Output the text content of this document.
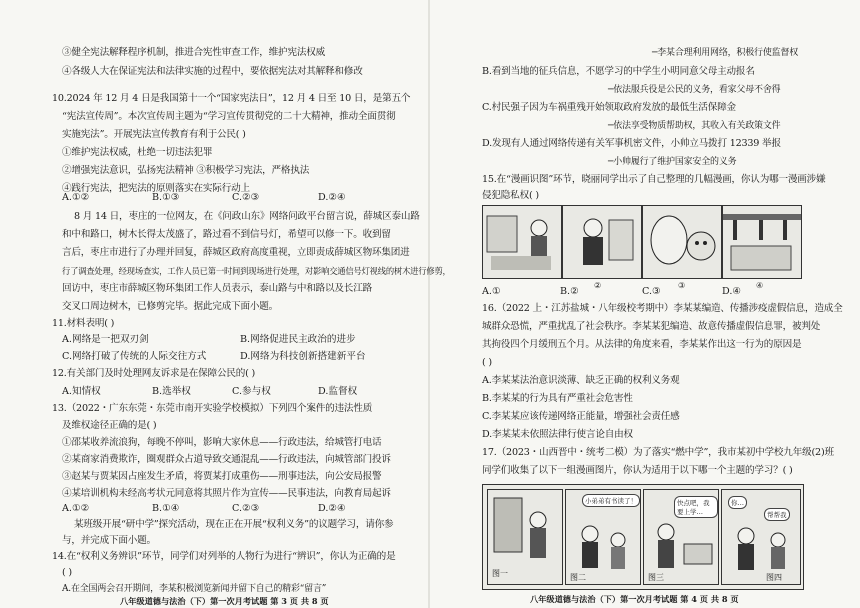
③健全宪法解释程序机制，推进合宪性审查工作，维护宪法权威
④各级人大在保证宪法和法律实施的过程中，要依据宪法对其解释和修改
10.2024 年 12 月 4 日是我国第十一个“国家宪法日”，12 月 4 日至 10 日，是第五个
“宪法宣传周”。本次宣传周主题为“学习宣传贯彻党的二十大精神，推动全面贯彻
实施宪法”。开展宪法宣传教育有利于公民( )
①维护宪法权威，杜绝一切违法犯罪
②增强宪法意识，弘扬宪法精神 ③积极学习宪法，严格执法
④践行宪法，把宪法的原则落实在实际行动上
A.①②	B.①③	C.②③	D.②④
8 月 14 日，枣庄的一位网友，在《问政山东》网络问政平台留言说，薛城区泰山路
和中和路口，树木长得太茂盛了，路过看不到信号灯，希望可以修一下。收到留
言后，枣庄市进行了办理并回复，薛城区政府高度重视，立即责成薛城区物环集团进
行了调查处理，经现场查实，工作人员已第一时间到现场进行处理，对影响交通信号灯视线的树木进行修剪，
回访中，枣庄市薛城区物环集团工作人员表示，泰山路与中和路以及长江路
交叉口周边树木，已修剪完毕。据此完成下面小题。
11.材料表明( )
A.网络是一把双刃剑	B.网络促进民主政治的进步
C.网络打破了传统的人际交往方式	D.网络为科技创新搭建新平台
12.有关部门及时处理网友诉求是在保障公民的( )
A.知情权	B.选举权	C.参与权	D.监督权
13.（2022・广东东莞・东莞市南开实验学校模拟）下列四个案件的违法性质
及维权途径正确的是( )
①邵某收养流浪狗，每晚不停叫，影响大家休息——行政违法，给城管打电话
②某商家消费欺诈，圈观群众占道导致交通混乱——行政违法，向城管部门投诉
③赵某与贾某因占座发生矛盾，将贾某打成重伤——刑事违法，向公安局报警
④某培训机构未经高考状元同意将其照片作为宣传——民事违法，向教育局起诉
A.①②	B.①④	C.②③	D.②④
某班级开展“研中学”探究活动，现在正在开展“权利义务”的议题学习，请你参
与，并完成下面小题。
14.在“权利义务辨识”环节，同学们对列举的人物行为进行“辨识”，你认为正确的是
( )
A.在全国两会召开期间，李某积极浏览新闻并留下自己的精彩“留言”
八年级道德与法治（下）第一次月考试题 第 3 页 共 8 页
─李某合理利用网络，积极行使监督权
B.看到当地的征兵信息，不愿学习的中学生小明同意父母主动报名
─依法服兵役是公民的义务，看家父母不舍得
C.村民强子因为车祸重残开始领取政府发放的最低生活保障金
─依法享受物质帮助权，其收入有关政策文件
D.发现有人通过网络传递有关军事机密文件，小帅立马拨打 12339 举报
─小帅履行了维护国家安全的义务
15.在“漫画识图”环节，晓丽同学出示了自己整理的几幅漫画，你认为哪一漫画涉嫌
侵犯隐私权( )
②	③	④
A.①	B.②	C.③	D.④
16.（2022 上・江苏盐城・八年级校考期中）李某某编造、传播涉疫虚假信息，造成全
城群众恐慌，严重扰乱了社会秩序。李某某犯编造、故意传播虚假信息罪，被判处
其拘役四个月缓刑五个月。从法律的角度来看，李某某作出这一行为的原因是
( )
A.李某某法治意识淡薄、缺乏正确的权利义务观
B.李某某的行为具有严重社会危害性
C.李某某应该传递网络正能量，增强社会责任感
D.李某某未依照法律行使言论自由权
17.（2023・山西晋中・统考二模）为了落实“燃中学”，我市某初中学校九年级(2)班
同学们收集了以下一组漫画图片，你认为适用于以下哪一个主题的学习？( )
图一
小弟弟有书读了！
图二
快点吧，我要上学…
图三
你…
帮帮我
图四
八年级道德与法治（下）第一次月考试题 第 4 页 共 8 页
